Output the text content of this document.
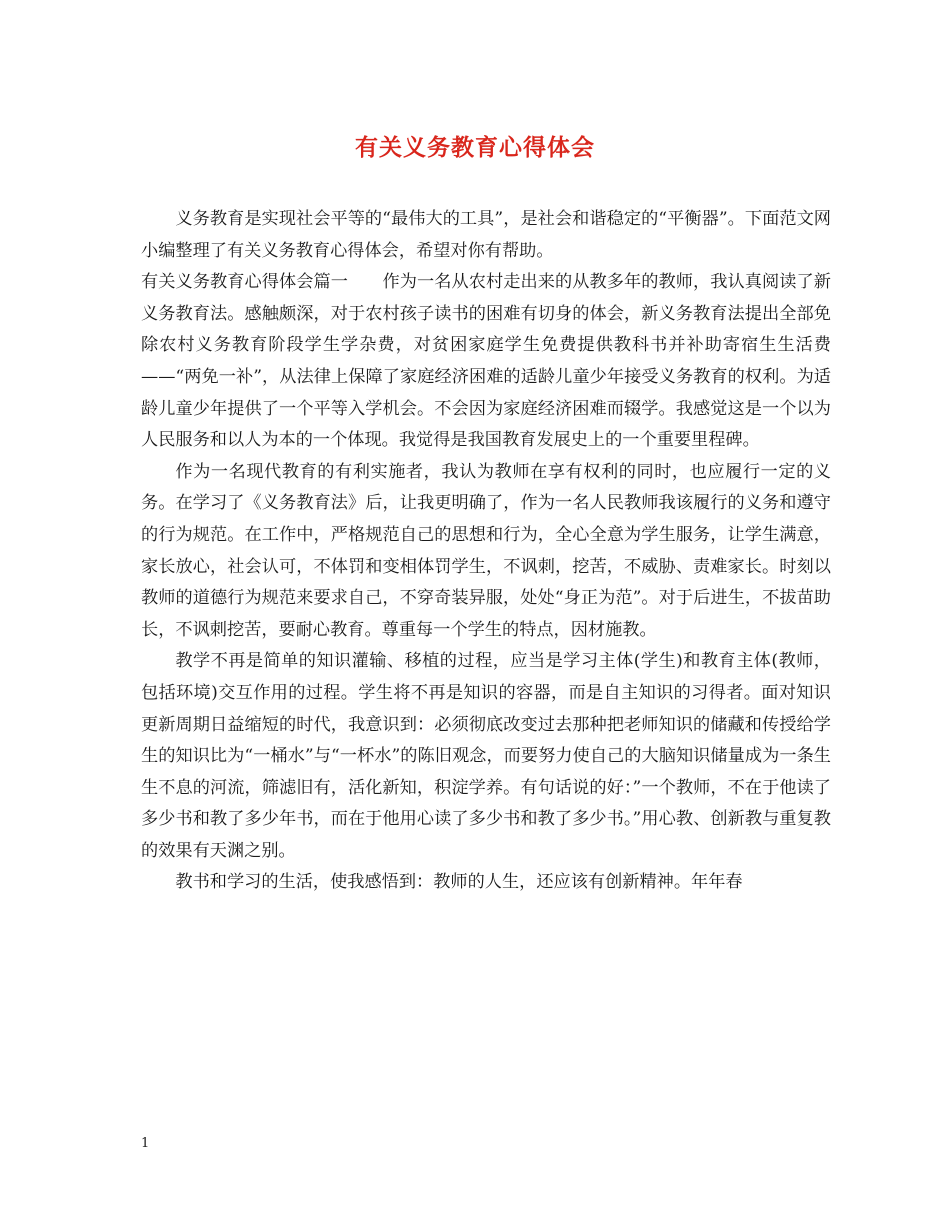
有关义务教育心得体会

义务教育是实现社会平等的“最伟大的工具”，是社会和谐稳定的“平衡器”。下面范文网小编整理了有关义务教育心得体会，希望对你有帮助。

有关义务教育心得体会篇一　　作为一名从农村走出来的从教多年的教师，我认真阅读了新义务教育法。感触颇深，对于农村孩子读书的困难有切身的体会，新义务教育法提出全部免除农村义务教育阶段学生学杂费，对贫困家庭学生免费提供教科书并补助寄宿生生活费——“两免一补”，从法律上保障了家庭经济困难的适龄儿童少年接受义务教育的权利。为适龄儿童少年提供了一个平等入学机会。不会因为家庭经济困难而辍学。我感觉这是一个以为人民服务和以人为本的一个体现。我觉得是我国教育发展史上的一个重要里程碑。

作为一名现代教育的有利实施者，我认为教师在享有权利的同时，也应履行一定的义务。在学习了《义务教育法》后，让我更明确了，作为一名人民教师我该履行的义务和遵守的行为规范。在工作中，严格规范自己的思想和行为，全心全意为学生服务，让学生满意，家长放心，社会认可，不体罚和变相体罚学生，不讽刺，挖苦，不威胁、责难家长。时刻以教师的道德行为规范来要求自己，不穿奇装异服，处处“身正为范”。对于后进生，不拔苗助长，不讽刺挖苦，要耐心教育。尊重每一个学生的特点，因材施教。

教学不再是简单的知识灌输、移植的过程，应当是学习主体(学生)和教育主体(教师，包括环境)交互作用的过程。学生将不再是知识的容器，而是自主知识的习得者。面对知识更新周期日益缩短的时代，我意识到：必须彻底改变过去那种把老师知识的储藏和传授给学生的知识比为“一桶水”与“一杯水”的陈旧观念，而要努力使自己的大脑知识储量成为一条生生不息的河流，筛滤旧有，活化新知，积淀学养。有句话说的好：”一个教师，不在于他读了多少书和教了多少年书，而在于他用心读了多少书和教了多少书。”用心教、创新教与重复教的效果有天渊之别。

教书和学习的生活，使我感悟到：教师的人生，还应该有创新精神。年年春

1
